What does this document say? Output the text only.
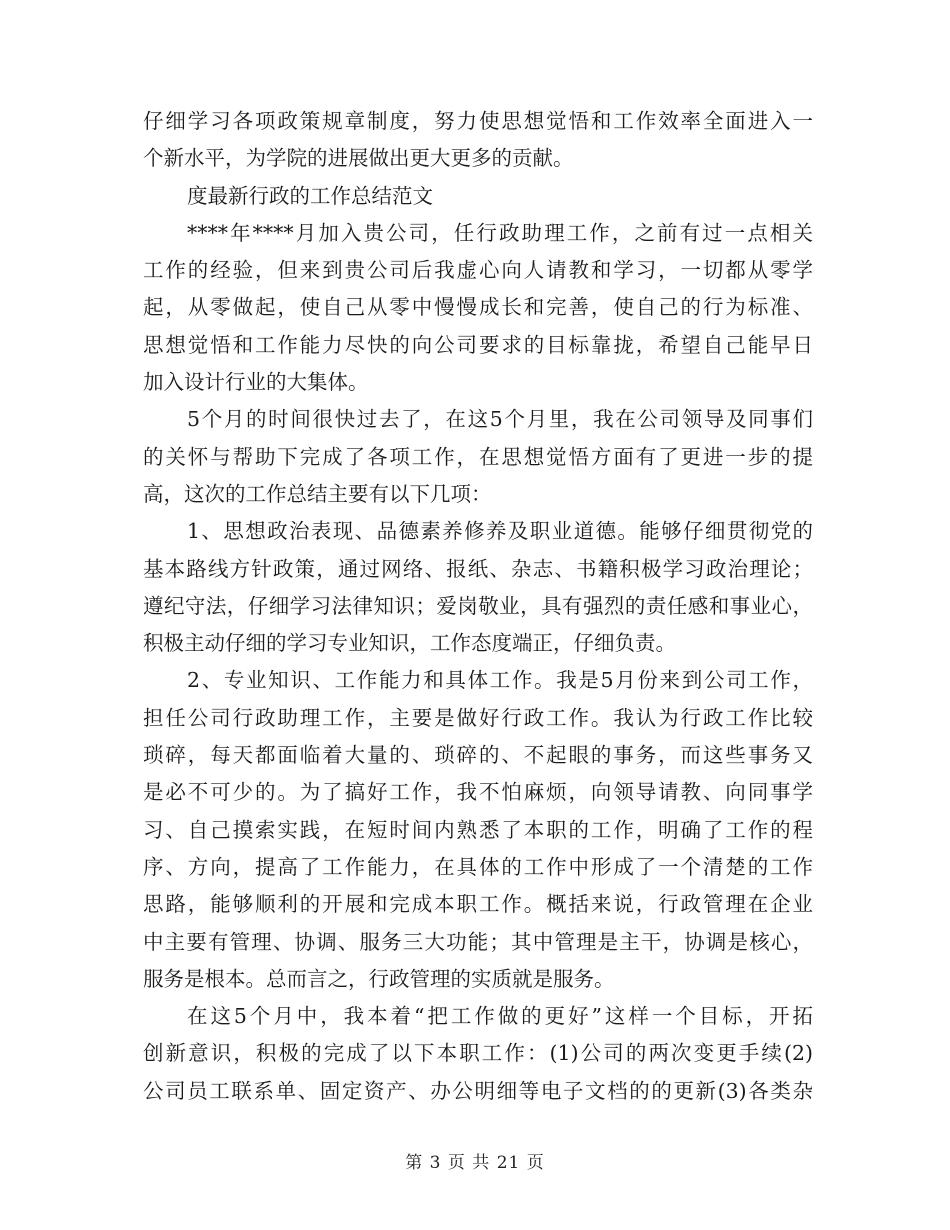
仔细学习各项政策规章制度，努力使思想觉悟和工作效率全面进入一
个新水平，为学院的进展做出更大更多的贡献。
度最新行政的工作总结范文
****年****月加入贵公司，任行政助理工作，之前有过一点相关
工作的经验，但来到贵公司后我虚心向人请教和学习，一切都从零学
起，从零做起，使自己从零中慢慢成长和完善，使自己的行为标准、
思想觉悟和工作能力尽快的向公司要求的目标靠拢，希望自己能早日
加入设计行业的大集体。
5个月的时间很快过去了，在这5个月里，我在公司领导及同事们
的关怀与帮助下完成了各项工作，在思想觉悟方面有了更进一步的提
高，这次的工作总结主要有以下几项：
1、思想政治表现、品德素养修养及职业道德。能够仔细贯彻党的
基本路线方针政策，通过网络、报纸、杂志、书籍积极学习政治理论；
遵纪守法，仔细学习法律知识；爱岗敬业，具有强烈的责任感和事业心，
积极主动仔细的学习专业知识，工作态度端正，仔细负责。
2、专业知识、工作能力和具体工作。我是5月份来到公司工作，
担任公司行政助理工作，主要是做好行政工作。我认为行政工作比较
琐碎，每天都面临着大量的、琐碎的、不起眼的事务，而这些事务又
是必不可少的。为了搞好工作，我不怕麻烦，向领导请教、向同事学
习、自己摸索实践，在短时间内熟悉了本职的工作，明确了工作的程
序、方向，提高了工作能力，在具体的工作中形成了一个清楚的工作
思路，能够顺利的开展和完成本职工作。概括来说，行政管理在企业
中主要有管理、协调、服务三大功能；其中管理是主干，协调是核心，
服务是根本。总而言之，行政管理的实质就是服务。
在这5个月中，我本着“把工作做的更好”这样一个目标，开拓
创新意识，积极的完成了以下本职工作：(1)公司的两次变更手续(2)
公司员工联系单、固定资产、办公明细等电子文档的的更新(3)各类杂
第 3 页 共 21 页
